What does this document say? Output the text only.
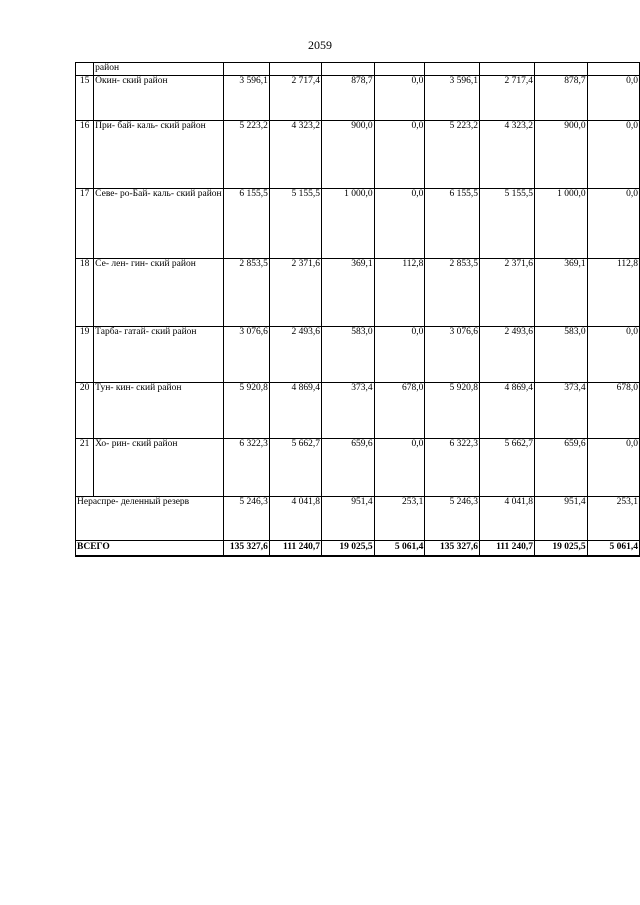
2059
	район								
15	Окин- ский район	3 596,1	2 717,4	878,7	0,0	3 596,1	2 717,4	878,7	0,0
16	При- бай- каль- ский район	5 223,2	4 323,2	900,0	0,0	5 223,2	4 323,2	900,0	0,0
17	Севе- ро-Бай- каль- ский район	6 155,5	5 155,5	1 000,0	0,0	6 155,5	5 155,5	1 000,0	0,0
18	Се- лен- гин- ский район	2 853,5	2 371,6	369,1	112,8	2 853,5	2 371,6	369,1	112,8
19	Тарба- гатай- ский район	3 076,6	2 493,6	583,0	0,0	3 076,6	2 493,6	583,0	0,0
20	Тун- кин- ский район	5 920,8	4 869,4	373,4	678,0	5 920,8	4 869,4	373,4	678,0
21	Хо- рин- ский район	6 322,3	5 662,7	659,6	0,0	6 322,3	5 662,7	659,6	0,0
Нераспре- деленный резерв		5 246,3	4 041,8	951,4	253,1	5 246,3	4 041,8	951,4	253,1
ВСЕГО		135 327,6	111 240,7	19 025,5	5 061,4	135 327,6	111 240,7	19 025,5	5 061,4
